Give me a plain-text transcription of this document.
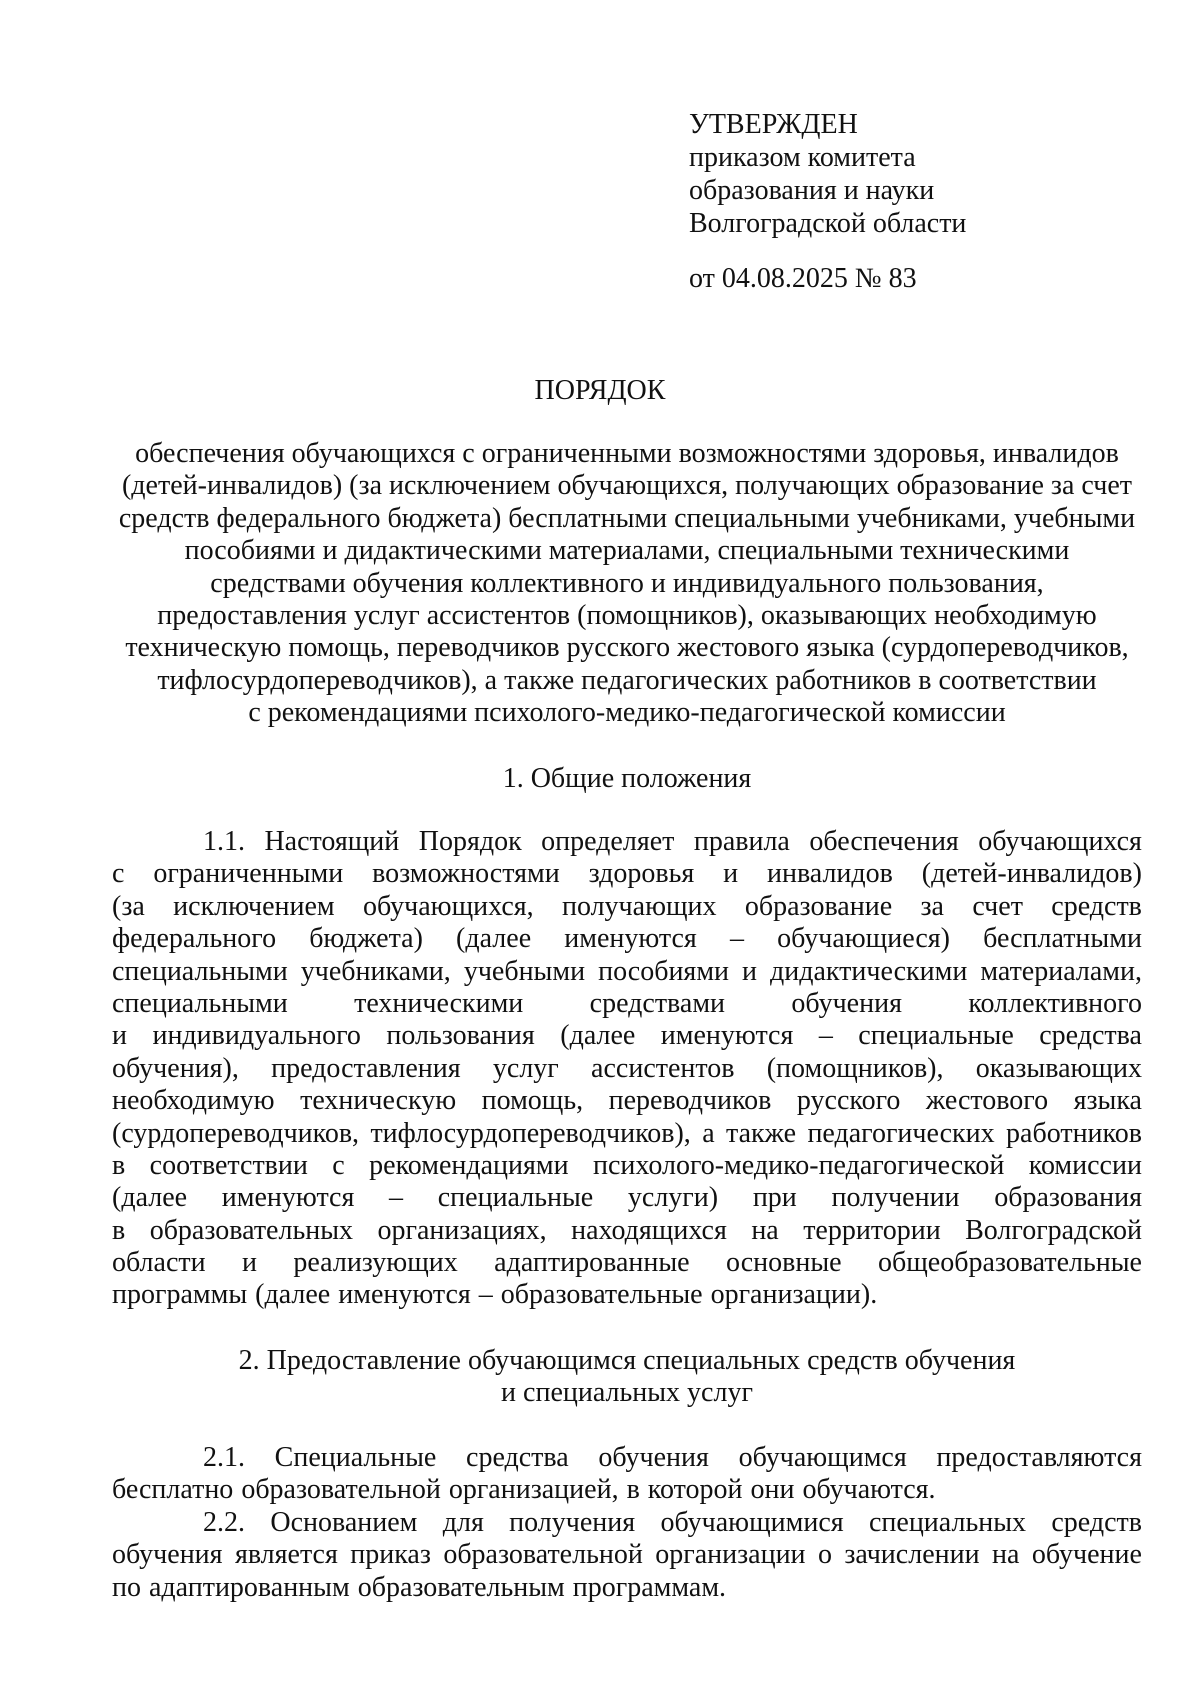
УТВЕРЖДЕН
приказом комитета
образования и науки
Волгоградской области
от 04.08.2025 № 83
ПОРЯДОК
обеспечения обучающихся с ограниченными возможностями здоровья, инвалидов
(детей-инвалидов) (за исключением обучающихся, получающих образование за счет
средств федерального бюджета) бесплатными специальными учебниками, учебными
пособиями и дидактическими материалами, специальными техническими
средствами обучения коллективного и индивидуального пользования,
предоставления услуг ассистентов (помощников), оказывающих необходимую
техническую помощь, переводчиков русского жестового языка (сурдопереводчиков,
тифлосурдопереводчиков), а также педагогических работников в соответствии
с рекомендациями психолого-медико-педагогической комиссии
1. Общие положения
1.1. Настоящий Порядок определяет правила обеспечения обучающихся
с ограниченными возможностями здоровья и инвалидов (детей-инвалидов)
(за исключением обучающихся, получающих образование за счет средств
федерального бюджета) (далее именуются – обучающиеся) бесплатными
специальными учебниками, учебными пособиями и дидактическими материалами,
специальными техническими средствами обучения коллективного
и индивидуального пользования (далее именуются – специальные средства
обучения), предоставления услуг ассистентов (помощников), оказывающих
необходимую техническую помощь, переводчиков русского жестового языка
(сурдопереводчиков, тифлосурдопереводчиков), а также педагогических работников
в соответствии с рекомендациями психолого-медико-педагогической комиссии
(далее именуются – специальные услуги) при получении образования
в образовательных организациях, находящихся на территории Волгоградской
области и реализующих адаптированные основные общеобразовательные
программы (далее именуются – образовательные организации).
2. Предоставление обучающимся специальных средств обучения
и специальных услуг
2.1. Специальные средства обучения обучающимся предоставляются
бесплатно образовательной организацией, в которой они обучаются.
2.2. Основанием для получения обучающимися специальных средств
обучения является приказ образовательной организации о зачислении на обучение
по адаптированным образовательным программам.
